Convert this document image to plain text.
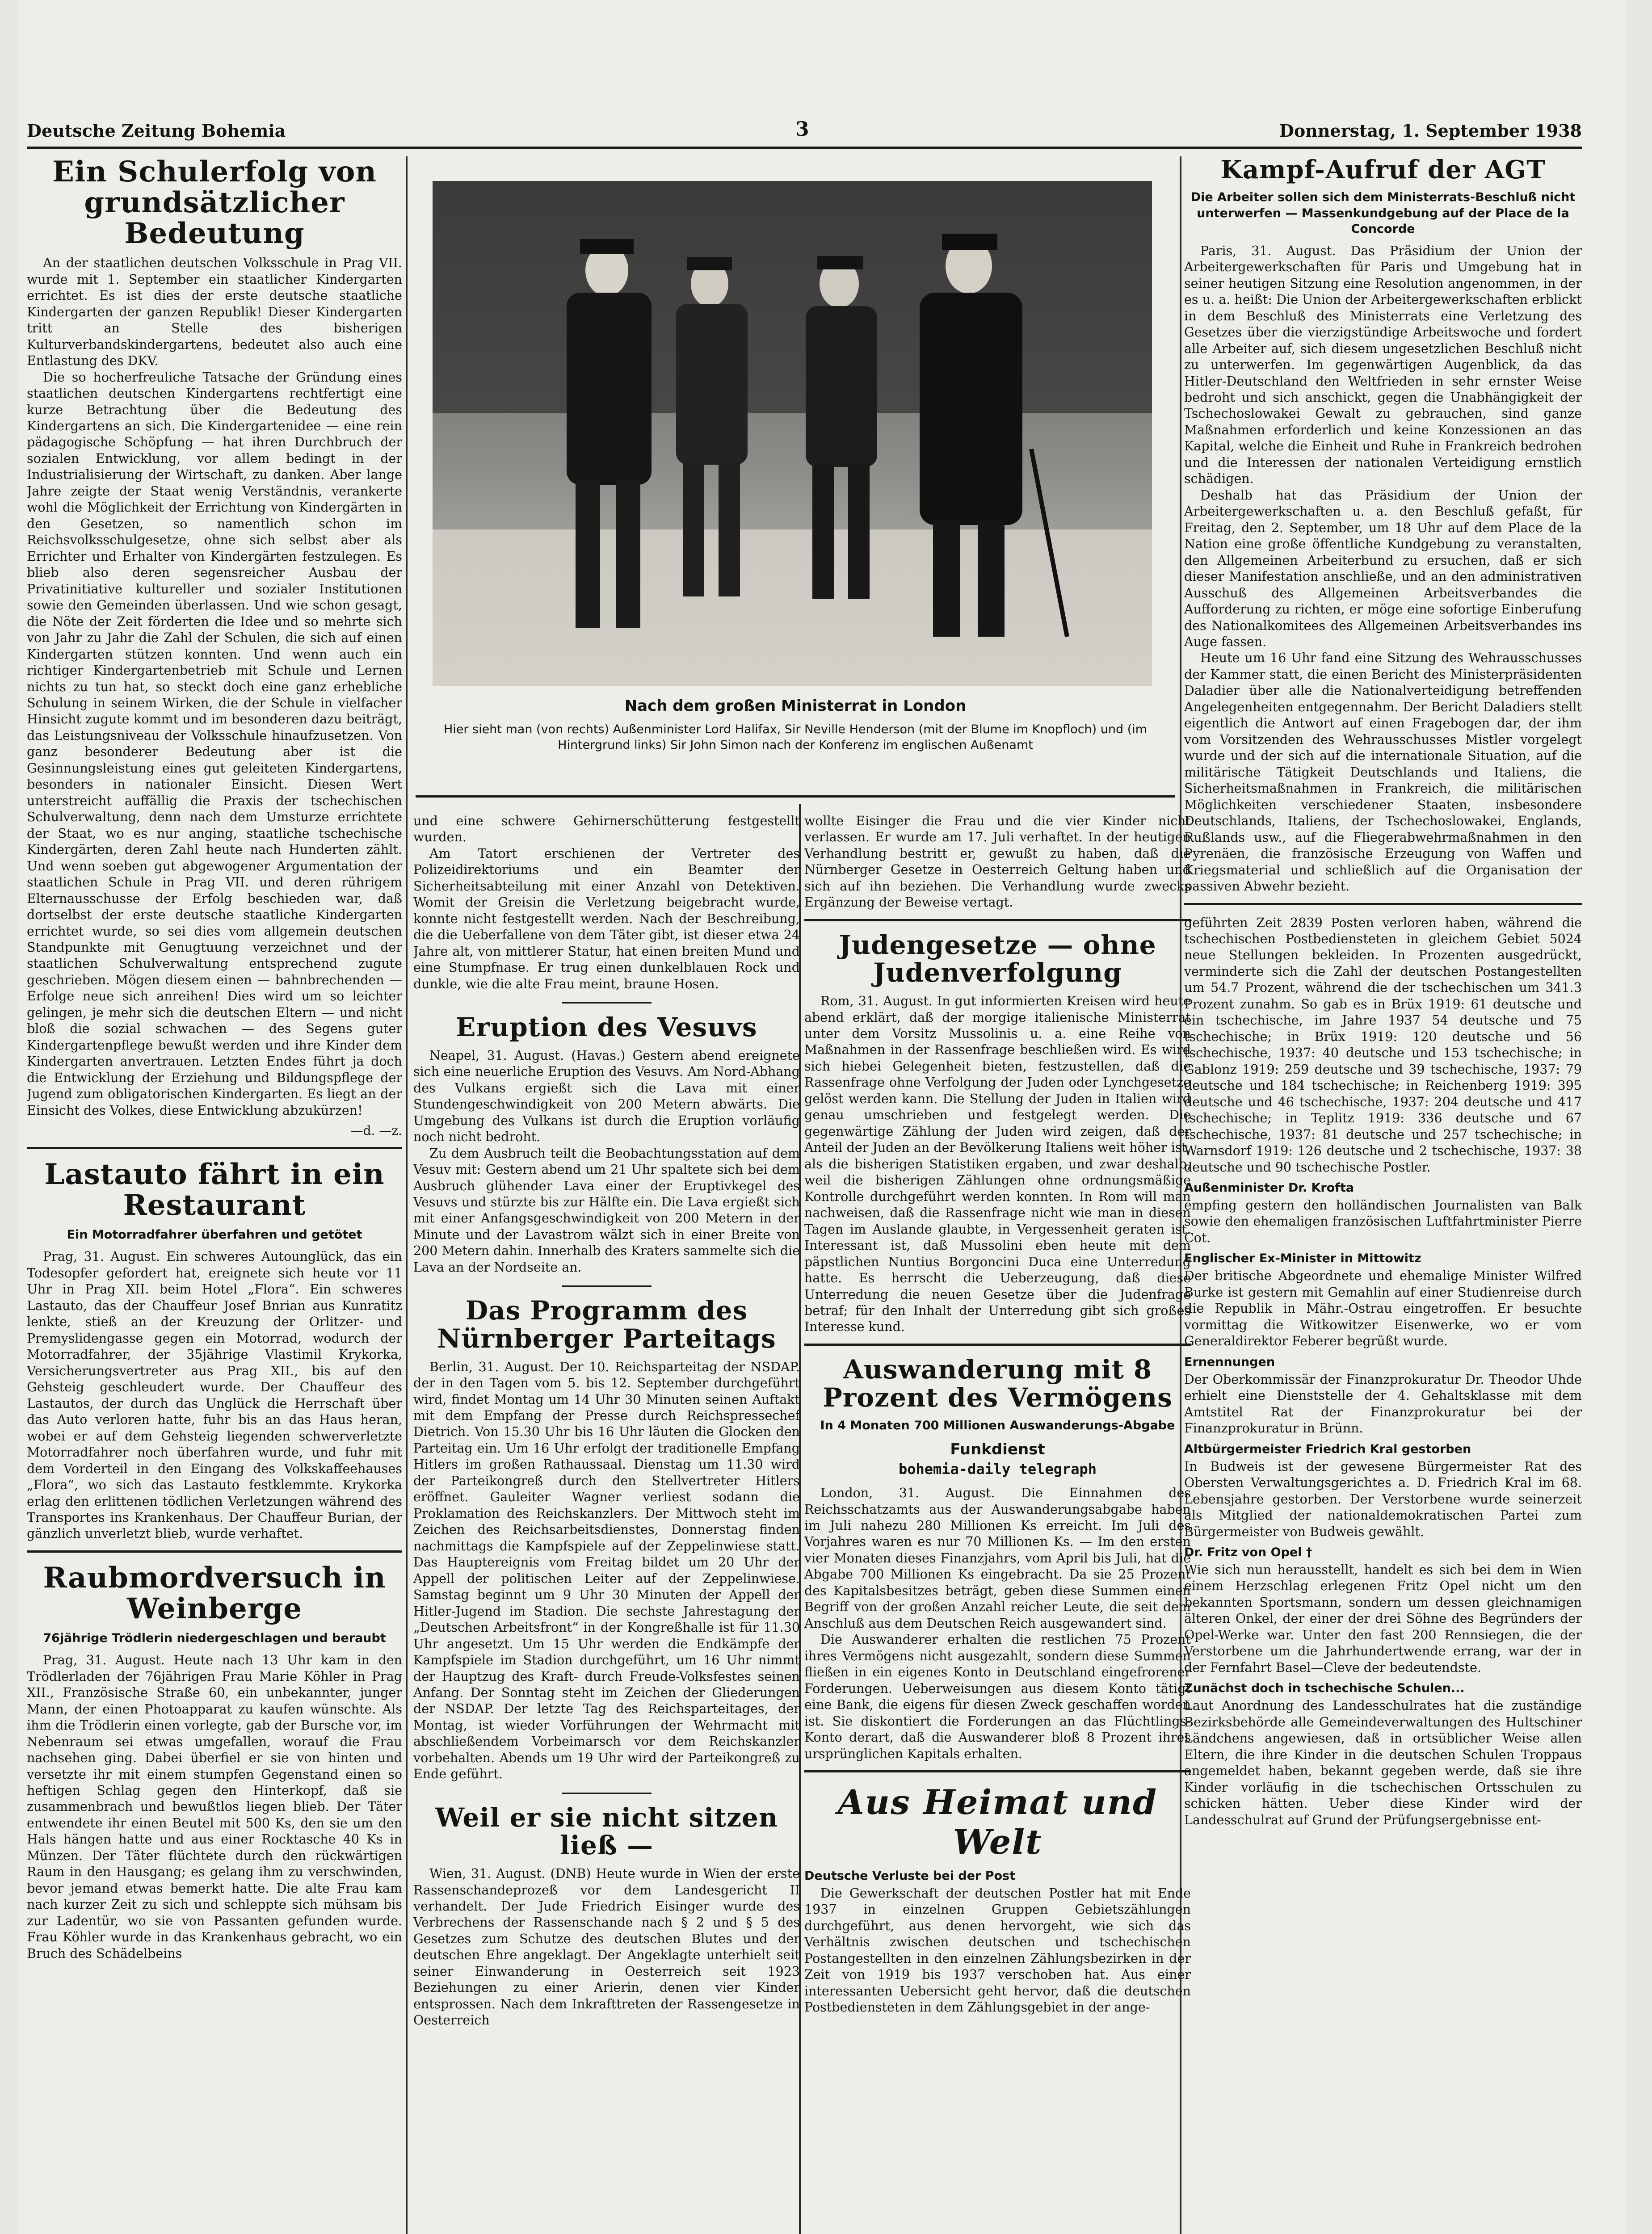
Deutsche Zeitung Bohemia	3	Donnerstag, 1. September 1938
Ein Schulerfolg von grundsätzlicher Bedeutung

An der staatlichen deutschen Volksschule in Prag VII. wurde mit 1. September ein staatlicher Kindergarten errichtet. Es ist dies der erste deutsche staatliche Kindergarten der ganzen Republik! Dieser Kindergarten tritt an Stelle des bisherigen Kulturverbandskindergartens, bedeutet also auch eine Entlastung des DKV.

Die so hocherfreuliche Tatsache der Gründung eines staatlichen deutschen Kindergartens rechtfertigt eine kurze Betrachtung über die Bedeutung des Kindergartens an sich. Die Kindergartenidee — eine rein pädagogische Schöpfung — hat ihren Durchbruch der sozialen Entwicklung, vor allem bedingt in der Industrialisierung der Wirtschaft, zu danken. Aber lange Jahre zeigte der Staat wenig Verständnis, verankerte wohl die Möglichkeit der Errichtung von Kindergärten in den Gesetzen, so namentlich schon im Reichsvolksschulgesetze, ohne sich selbst aber als Errichter und Erhalter von Kindergärten festzulegen. Es blieb also deren segensreicher Ausbau der Privatinitiative kultureller und sozialer Institutionen sowie den Gemeinden überlassen. Und wie schon gesagt, die Nöte der Zeit förderten die Idee und so mehrte sich von Jahr zu Jahr die Zahl der Schulen, die sich auf einen Kindergarten stützen konnten. Und wenn auch ein richtiger Kindergartenbetrieb mit Schule und Lernen nichts zu tun hat, so steckt doch eine ganz erhebliche Schulung in seinem Wirken, die der Schule in vielfacher Hinsicht zugute kommt und im besonderen dazu beiträgt, das Leistungsniveau der Volksschule hinaufzusetzen. Von ganz besonderer Bedeutung aber ist die Gesinnungsleistung eines gut geleiteten Kindergartens, besonders in nationaler Einsicht. Diesen Wert unterstreicht auffällig die Praxis der tschechischen Schulverwaltung, denn nach dem Umsturze errichtete der Staat, wo es nur anging, staatliche tschechische Kindergärten, deren Zahl heute nach Hunderten zählt. Und wenn soeben gut abgewogener Argumentation der staatlichen Schule in Prag VII. und deren rührigem Elternausschusse der Erfolg beschieden war, daß dortselbst der erste deutsche staatliche Kindergarten errichtet wurde, so sei dies vom allgemein deutschen Standpunkte mit Genugtuung verzeichnet und der staatlichen Schulverwaltung entsprechend zugute geschrieben. Mögen diesem einen — bahnbrechenden — Erfolge neue sich anreihen! Dies wird um so leichter gelingen, je mehr sich die deutschen Eltern — und nicht bloß die sozial schwachen — des Segens guter Kindergartenpflege bewußt werden und ihre Kinder dem Kindergarten anvertrauen. Letzten Endes führt ja doch die Entwicklung der Erziehung und Bildungspflege der Jugend zum obligatorischen Kindergarten. Es liegt an der Einsicht des Volkes, diese Entwicklung abzukürzen!

—d. —z.
Lastauto fährt in ein Restaurant
Ein Motorradfahrer überfahren und getötet

Prag, 31. August. Ein schweres Autounglück, das ein Todesopfer gefordert hat, ereignete sich heute vor 11 Uhr in Prag XII. beim Hotel „Flora“. Ein schweres Lastauto, das der Chauffeur Josef Bnrian aus Kunratitz lenkte, stieß an der Kreuzung der Orlitzer- und Premyslidengasse gegen ein Motorrad, wodurch der Motorradfahrer, der 35jährige Vlastimil Krykorka, Versicherungsvertreter aus Prag XII., bis auf den Gehsteig geschleudert wurde. Der Chauffeur des Lastautos, der durch das Unglück die Herrschaft über das Auto verloren hatte, fuhr bis an das Haus heran, wobei er auf dem Gehsteig liegenden schwerverletzte Motorradfahrer noch überfahren wurde, und fuhr mit dem Vorderteil in den Eingang des Volkskaffeehauses „Flora“, wo sich das Lastauto festklemmte. Krykorka erlag den erlittenen tödlichen Verletzungen während des Transportes ins Krankenhaus. Der Chauffeur Burian, der gänzlich unverletzt blieb, wurde verhaftet.

Raubmordversuch in Weinberge
76jährige Trödlerin niedergeschlagen und beraubt

Prag, 31. August. Heute nach 13 Uhr kam in den Trödlerladen der 76jährigen Frau Marie Köhler in Prag XII., Französische Straße 60, ein unbekannter, junger Mann, der einen Photoapparat zu kaufen wünschte. Als ihm die Trödlerin einen vorlegte, gab der Bursche vor, im Nebenraum sei etwas umgefallen, worauf die Frau nachsehen ging. Dabei überfiel er sie von hinten und versetzte ihr mit einem stumpfen Gegenstand einen so heftigen Schlag gegen den Hinterkopf, daß sie zusammenbrach und bewußtlos liegen blieb. Der Täter entwendete ihr einen Beutel mit 500 Ks, den sie um den Hals hängen hatte und aus einer Rocktasche 40 Ks in Münzen. Der Täter flüchtete durch den rückwärtigen Raum in den Hausgang; es gelang ihm zu verschwinden, bevor jemand etwas bemerkt hatte. Die alte Frau kam nach kurzer Zeit zu sich und schleppte sich mühsam bis zur Ladentür, wo sie von Passanten gefunden wurde. Frau Köhler wurde in das Krankenhaus gebracht, wo ein Bruch des Schädelbeins

Nach dem großen Ministerrat in London
Hier sieht man (von rechts) Außenminister Lord Halifax, Sir Neville Henderson (mit der Blume im Knopfloch) und (im Hintergrund links) Sir John Simon nach der Konferenz im englischen Außenamt

und eine schwere Gehirnerschütterung festgestellt wurden.

Am Tatort erschienen der Vertreter des Polizeidirektoriums und ein Beamter der Sicherheitsabteilung mit einer Anzahl von Detektiven. Womit der Greisin die Verletzung beigebracht wurde, konnte nicht festgestellt werden. Nach der Beschreibung, die die Ueberfallene von dem Täter gibt, ist dieser etwa 24 Jahre alt, von mittlerer Statur, hat einen breiten Mund und eine Stumpfnase. Er trug einen dunkelblauen Rock und dunkle, wie die alte Frau meint, braune Hosen.

Eruption des Vesuvs

Neapel, 31. August. (Havas.) Gestern abend ereignete sich eine neuerliche Eruption des Vesuvs. Am Nord-Abhang des Vulkans ergießt sich die Lava mit einer Stundengeschwindigkeit von 200 Metern abwärts. Die Umgebung des Vulkans ist durch die Eruption vorläufig noch nicht bedroht.

Zu dem Ausbruch teilt die Beobachtungsstation auf dem Vesuv mit: Gestern abend um 21 Uhr spaltete sich bei dem Ausbruch glühender Lava einer der Eruptivkegel des Vesuvs und stürzte bis zur Hälfte ein. Die Lava ergießt sich mit einer Anfangsgeschwindigkeit von 200 Metern in der Minute und der Lavastrom wälzt sich in einer Breite von 200 Metern dahin. Innerhalb des Kraters sammelte sich die Lava an der Nordseite an.

Das Programm des Nürnberger Parteitags

Berlin, 31. August. Der 10. Reichsparteitag der NSDAP. der in den Tagen vom 5. bis 12. September durchgeführt wird, findet Montag um 14 Uhr 30 Minuten seinen Auftakt mit dem Empfang der Presse durch Reichspressechef Dietrich. Von 15.30 Uhr bis 16 Uhr läuten die Glocken den Parteitag ein. Um 16 Uhr erfolgt der traditionelle Empfang Hitlers im großen Rathaussaal. Dienstag um 11.30 wird der Parteikongreß durch den Stellvertreter Hitlers eröffnet. Gauleiter Wagner verliest sodann die Proklamation des Reichskanzlers. Der Mittwoch steht im Zeichen des Reichsarbeitsdienstes, Donnerstag finden nachmittags die Kampfspiele auf der Zeppelinwiese statt. Das Hauptereignis vom Freitag bildet um 20 Uhr der Appell der politischen Leiter auf der Zeppelinwiese. Samstag beginnt um 9 Uhr 30 Minuten der Appell der Hitler-Jugend im Stadion. Die sechste Jahrestagung der „Deutschen Arbeitsfront“ in der Kongreßhalle ist für 11.30 Uhr angesetzt. Um 15 Uhr werden die Endkämpfe der Kampfspiele im Stadion durchgeführt, um 16 Uhr nimmt der Hauptzug des Kraft- durch Freude-Volksfestes seinen Anfang. Der Sonntag steht im Zeichen der Gliederungen der NSDAP. Der letzte Tag des Reichsparteitages, der Montag, ist wieder Vorführungen der Wehrmacht mit abschließendem Vorbeimarsch vor dem Reichskanzler vorbehalten. Abends um 19 Uhr wird der Parteikongreß zu Ende geführt.

Weil er sie nicht sitzen ließ —

Wien, 31. August. (DNB) Heute wurde in Wien der erste Rassenschandeprozeß vor dem Landesgericht II verhandelt. Der Jude Friedrich Eisinger wurde des Verbrechens der Rassenschande nach § 2 und § 5 des Gesetzes zum Schutze des deutschen Blutes und der deutschen Ehre angeklagt. Der Angeklagte unterhielt seit seiner Einwanderung in Oesterreich seit 1923 Beziehungen zu einer Arierin, denen vier Kinder entsprossen. Nach dem Inkrafttreten der Rassengesetze in Oesterreich

wollte Eisinger die Frau und die vier Kinder nicht verlassen. Er wurde am 17. Juli verhaftet. In der heutigen Verhandlung bestritt er, gewußt zu haben, daß die Nürnberger Gesetze in Oesterreich Geltung haben und sich auf ihn beziehen. Die Verhandlung wurde zwecks Ergänzung der Beweise vertagt.

Judengesetze — ohne Judenverfolgung

Rom, 31. August. In gut informierten Kreisen wird heute abend erklärt, daß der morgige italienische Ministerrat unter dem Vorsitz Mussolinis u. a. eine Reihe von Maßnahmen in der Rassenfrage beschließen wird. Es wird sich hiebei Gelegenheit bieten, festzustellen, daß die Rassenfrage ohne Verfolgung der Juden oder Lynchgesetze gelöst werden kann. Die Stellung der Juden in Italien wird genau umschrieben und festgelegt werden. Die gegenwärtige Zählung der Juden wird zeigen, daß der Anteil der Juden an der Bevölkerung Italiens weit höher ist, als die bisherigen Statistiken ergaben, und zwar deshalb, weil die bisherigen Zählungen ohne ordnungsmäßige Kontrolle durchgeführt werden konnten. In Rom will man nachweisen, daß die Rassenfrage nicht wie man in diesen Tagen im Auslande glaubte, in Vergessenheit geraten ist. Interessant ist, daß Mussolini eben heute mit dem päpstlichen Nuntius Borgoncini Duca eine Unterredung hatte. Es herrscht die Ueberzeugung, daß diese Unterredung die neuen Gesetze über die Judenfrage betraf; für den Inhalt der Unterredung gibt sich großes Interesse kund.

Auswanderung mit 8 Prozent des Vermögens
In 4 Monaten 700 Millionen Auswanderungs-Abgabe
Funkdienst
bohemia-daily telegraph

London, 31. August. Die Einnahmen des Reichsschatzamts aus der Auswanderungsabgabe haben im Juli nahezu 280 Millionen Ks erreicht. Im Juli des Vorjahres waren es nur 70 Millionen Ks. — Im den ersten vier Monaten dieses Finanzjahrs, vom April bis Juli, hat die Abgabe 700 Millionen Ks eingebracht. Da sie 25 Prozent des Kapitalsbesitzes beträgt, geben diese Summen einen Begriff von der großen Anzahl reicher Leute, die seit dem Anschluß aus dem Deutschen Reich ausgewandert sind.

Die Auswanderer erhalten die restlichen 75 Prozent ihres Vermögens nicht ausgezahlt, sondern diese Summen fließen in ein eigenes Konto in Deutschland eingefrorener Forderungen. Ueberweisungen aus diesem Konto tätigt eine Bank, die eigens für diesen Zweck geschaffen worden ist. Sie diskontiert die Forderungen an das Flüchtlings-Konto derart, daß die Auswanderer bloß 8 Prozent ihres ursprünglichen Kapitals erhalten.

Aus Heimat und Welt
Deutsche Verluste bei der Post

Die Gewerkschaft der deutschen Postler hat mit Ende 1937 in einzelnen Gruppen Gebietszählungen durchgeführt, aus denen hervorgeht, wie sich das Verhältnis zwischen deutschen und tschechischen Postangestellten in den einzelnen Zählungsbezirken in der Zeit von 1919 bis 1937 verschoben hat. Aus einer interessanten Uebersicht geht hervor, daß die deutschen Postbediensteten in dem Zählungsgebiet in der ange-

Kampf-Aufruf der AGT
Die Arbeiter sollen sich dem Ministerrats-Beschluß nicht unterwerfen — Massenkundgebung auf der Place de la Concorde

Paris, 31. August. Das Präsidium der Union der Arbeitergewerkschaften für Paris und Umgebung hat in seiner heutigen Sitzung eine Resolution angenommen, in der es u. a. heißt: Die Union der Arbeitergewerkschaften erblickt in dem Beschluß des Ministerrats eine Verletzung des Gesetzes über die vierzigstündige Arbeitswoche und fordert alle Arbeiter auf, sich diesem ungesetzlichen Beschluß nicht zu unterwerfen. Im gegenwärtigen Augenblick, da das Hitler-Deutschland den Weltfrieden in sehr ernster Weise bedroht und sich anschickt, gegen die Unabhängigkeit der Tschechoslowakei Gewalt zu gebrauchen, sind ganze Maßnahmen erforderlich und keine Konzessionen an das Kapital, welche die Einheit und Ruhe in Frankreich bedrohen und die Interessen der nationalen Verteidigung ernstlich schädigen.

Deshalb hat das Präsidium der Union der Arbeitergewerkschaften u. a. den Beschluß gefaßt, für Freitag, den 2. September, um 18 Uhr auf dem Place de la Nation eine große öffentliche Kundgebung zu veranstalten, den Allgemeinen Arbeiterbund zu ersuchen, daß er sich dieser Manifestation anschließe, und an den administrativen Ausschuß des Allgemeinen Arbeitsverbandes die Aufforderung zu richten, er möge eine sofortige Einberufung des Nationalkomitees des Allgemeinen Arbeitsverbandes ins Auge fassen.

Heute um 16 Uhr fand eine Sitzung des Wehrausschusses der Kammer statt, die einen Bericht des Ministerpräsidenten Daladier über alle die Nationalverteidigung betreffenden Angelegenheiten entgegennahm. Der Bericht Daladiers stellt eigentlich die Antwort auf einen Fragebogen dar, der ihm vom Vorsitzenden des Wehrausschusses Mistler vorgelegt wurde und der sich auf die internationale Situation, auf die militärische Tätigkeit Deutschlands und Italiens, die Sicherheitsmaßnahmen in Frankreich, die militärischen Möglichkeiten verschiedener Staaten, insbesondere Deutschlands, Italiens, der Tschechoslowakei, Englands, Rußlands usw., auf die Fliegerabwehrmaßnahmen in den Pyrenäen, die französische Erzeugung von Waffen und Kriegsmaterial und schließlich auf die Organisation der passiven Abwehr bezieht.

geführten Zeit 2839 Posten verloren haben, während die tschechischen Postbediensteten in gleichem Gebiet 5024 neue Stellungen bekleiden. In Prozenten ausgedrückt, verminderte sich die Zahl der deutschen Postangestellten um 54.7 Prozent, während die der tschechischen um 341.3 Prozent zunahm. So gab es in Brüx 1919: 61 deutsche und ein tschechische, im Jahre 1937 54 deutsche und 75 tschechische; in Brüx 1919: 120 deutsche und 56 tschechische, 1937: 40 deutsche und 153 tschechische; in Gablonz 1919: 259 deutsche und 39 tschechische, 1937: 79 deutsche und 184 tschechische; in Reichenberg 1919: 395 deutsche und 46 tschechische, 1937: 204 deutsche und 417 tschechische; in Teplitz 1919: 336 deutsche und 67 tschechische, 1937: 81 deutsche und 257 tschechische; in Warnsdorf 1919: 126 deutsche und 2 tschechische, 1937: 38 deutsche und 90 tschechische Postler.

Außenminister Dr. Krofta
empfing gestern den holländischen Journalisten van Balk sowie den ehemaligen französischen Luftfahrtminister Pierre Cot.
Englischer Ex-Minister in Mittowitz
Der britische Abgeordnete und ehemalige Minister Wilfred Burke ist gestern mit Gemahlin auf einer Studienreise durch die Republik in Mähr.-Ostrau eingetroffen. Er besuchte vormittag die Witkowitzer Eisenwerke, wo er vom Generaldirektor Feberer begrüßt wurde.
Ernennungen
Der Oberkommissär der Finanzprokuratur Dr. Theodor Uhde erhielt eine Dienststelle der 4. Gehaltsklasse mit dem Amtstitel Rat der Finanzprokuratur bei der Finanzprokuratur in Brünn.
Altbürgermeister Friedrich Kral gestorben
In Budweis ist der gewesene Bürgermeister Rat des Obersten Verwaltungsgerichtes a. D. Friedrich Kral im 68. Lebensjahre gestorben. Der Verstorbene wurde seinerzeit als Mitglied der nationaldemokratischen Partei zum Bürgermeister von Budweis gewählt.
Dr. Fritz von Opel †
Wie sich nun herausstellt, handelt es sich bei dem in Wien einem Herzschlag erlegenen Fritz Opel nicht um den bekannten Sportsmann, sondern um dessen gleichnamigen älteren Onkel, der einer der drei Söhne des Begründers der Opel-Werke war. Unter den fast 200 Rennsiegen, die der Verstorbene um die Jahrhundertwende errang, war der in der Fernfahrt Basel—Cleve der bedeutendste.
Zunächst doch in tschechische Schulen...
Laut Anordnung des Landesschulrates hat die zuständige Bezirksbehörde alle Gemeindeverwaltungen des Hultschiner Ländchens angewiesen, daß in ortsüblicher Weise allen Eltern, die ihre Kinder in die deutschen Schulen Troppaus angemeldet haben, bekannt gegeben werde, daß sie ihre Kinder vorläufig in die tschechischen Ortsschulen zu schicken hätten. Ueber diese Kinder wird der Landesschulrat auf Grund der Prüfungsergebnisse ent-
